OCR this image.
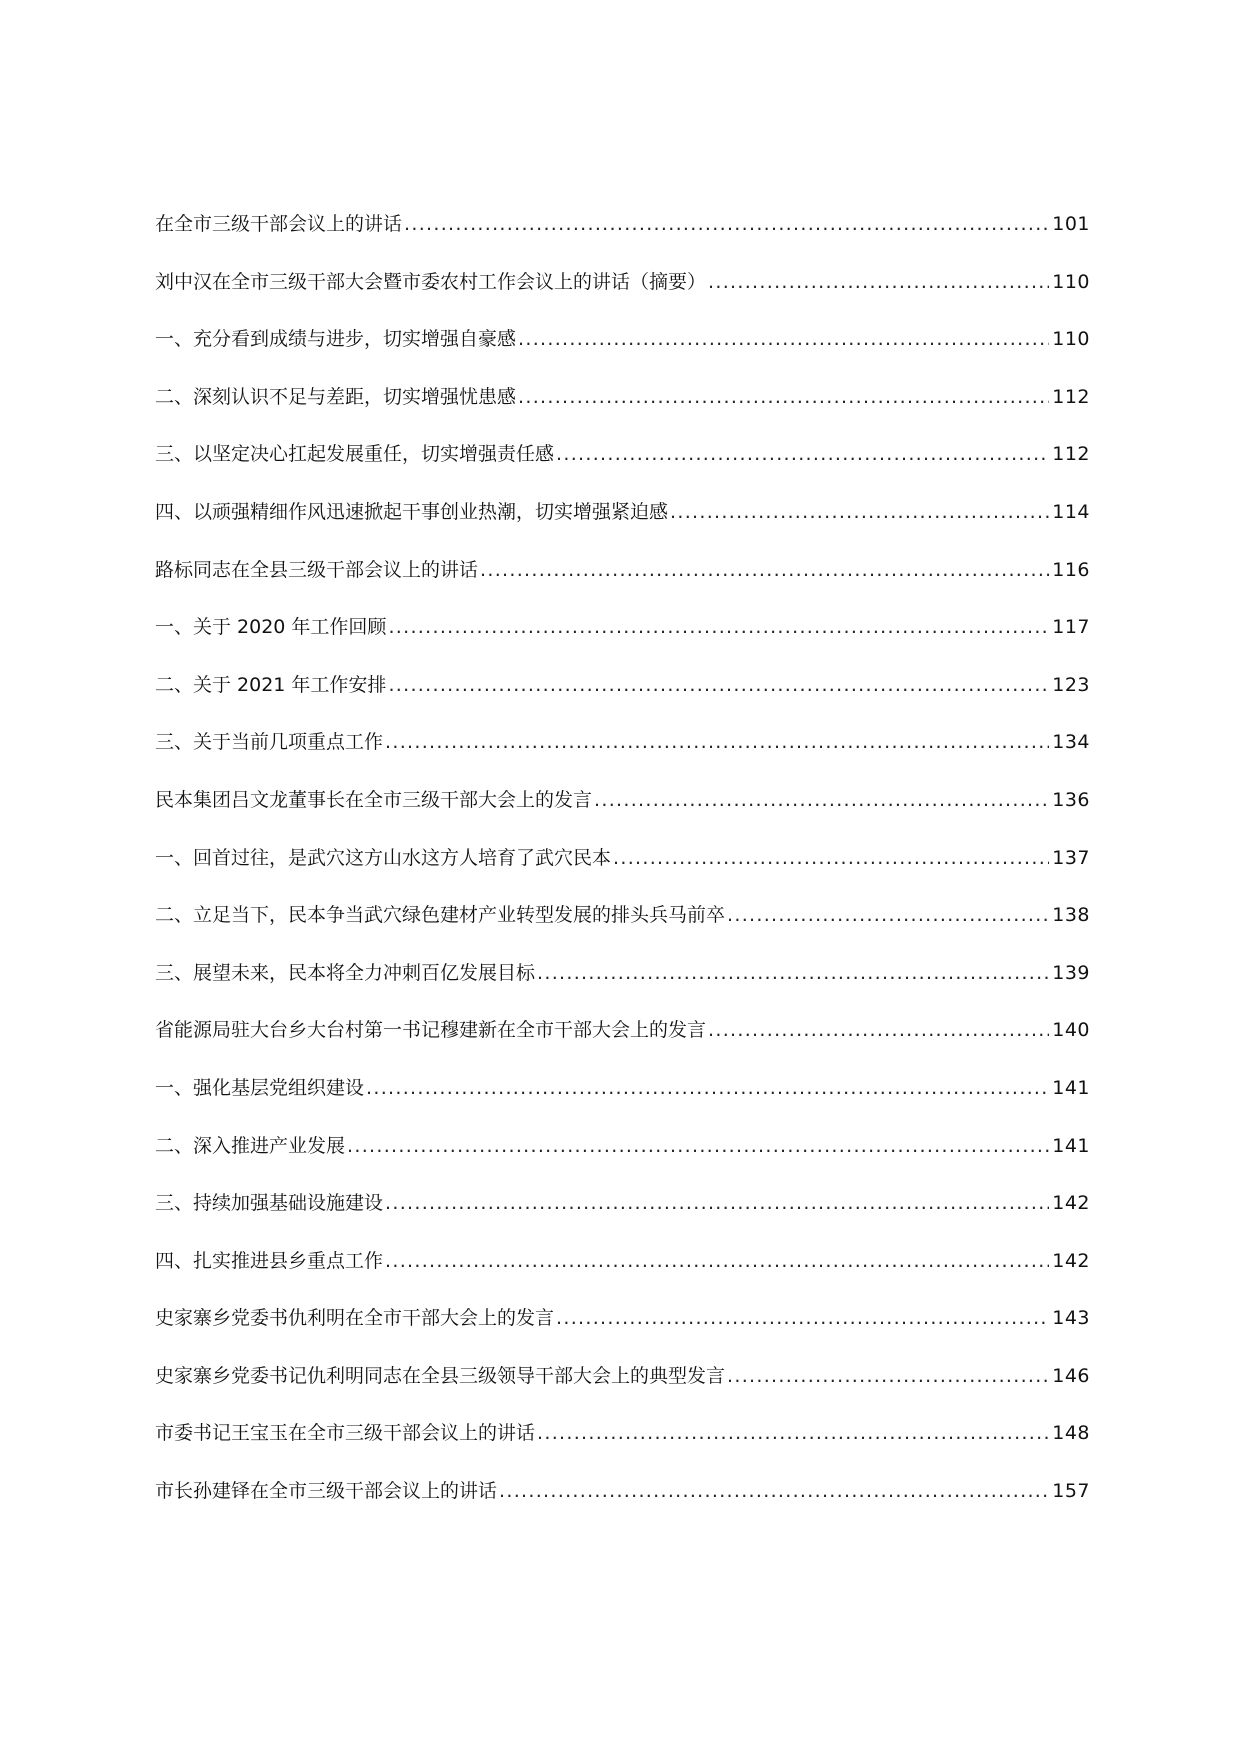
在全市三级干部会议上的讲话 .....	101
刘中汉在全市三级干部大会暨市委农村工作会议上的讲话（摘要） .....	110
一、充分看到成绩与进步，切实增强自豪感 .....	110
二、深刻认识不足与差距，切实增强忧患感 .....	112
三、以坚定决心扛起发展重任，切实增强责任感 .....	112
四、以顽强精细作风迅速掀起干事创业热潮，切实增强紧迫感 .....	114
路标同志在全县三级干部会议上的讲话 .....	116
一、关于 2020 年工作回顾 .....	117
二、关于 2021 年工作安排 .....	123
三、关于当前几项重点工作 .....	134
民本集团吕文龙董事长在全市三级干部大会上的发言 .....	136
一、回首过往，是武穴这方山水这方人培育了武穴民本 .....	137
二、立足当下，民本争当武穴绿色建材产业转型发展的排头兵马前卒 .....	138
三、展望未来，民本将全力冲刺百亿发展目标 .....	139
省能源局驻大台乡大台村第一书记穆建新在全市干部大会上的发言 .....	140
一、强化基层党组织建设 .....	141
二、深入推进产业发展 .....	141
三、持续加强基础设施建设 .....	142
四、扎实推进县乡重点工作 .....	142
史家寨乡党委书仇利明在全市干部大会上的发言 .....	143
史家寨乡党委书记仇利明同志在全县三级领导干部大会上的典型发言 .....	146
市委书记王宝玉在全市三级干部会议上的讲话 .....	148
市长孙建铎在全市三级干部会议上的讲话 .....	157
